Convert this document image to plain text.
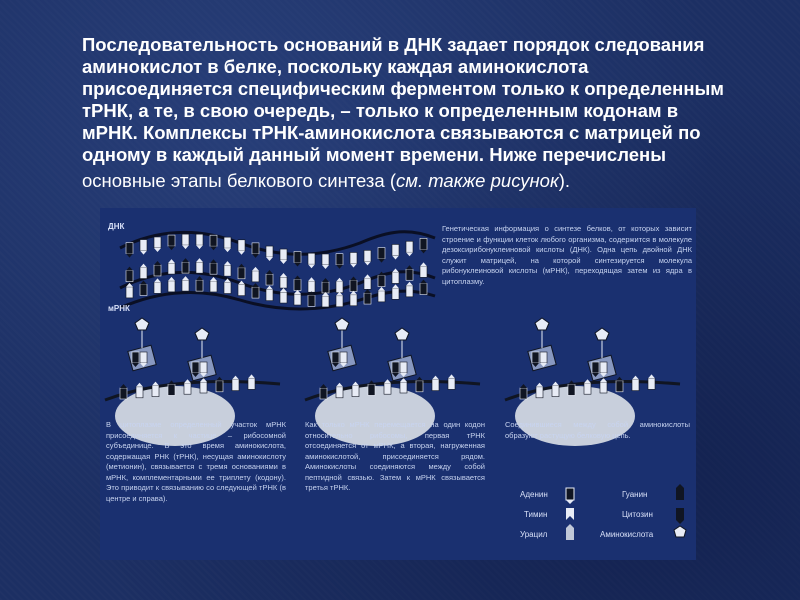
Последовательность оснований в ДНК задает порядок следования
аминокислот в белке, поскольку каждая аминокислота
присоединяется специфическим ферментом только к определенным
тРНК, а те, в свою очередь, – только к определенным кодонам в
мРНК. Комплексы тРНК-аминокислота связываются с матрицей по
одному в каждый данный момент времени. Ниже перечислены
основные этапы белкового синтеза (см. также рисунок).
ДНК
мРНК
Генетическая информация о синтезе белков, от которых зависит строение и функции клеток любого организма, содержится в молекуле дезоксирибонуклеиновой кислоты (ДНК). Одна цепь двойной ДНК служит матрицей, на которой синтезируется молекула рибонуклеиновой кислоты (мРНК), переходящая затем из ядра в цитоплазму.
В цитоплазме определенный участок мРНК присоединяется к частице – рибосомной субъединице. В это время аминокислота, содержащая РНК (тРНК), несущая аминокислоту (метионин), связывается с тремя основаниями в мРНК, комплементарными ее триплету (кодону). Это приводит к связыванию со следующей тРНК (в центре и справа).
Как только мРНК перемещается на один кодон относительно рибосомы, первая тРНК отсоединяется от мРНК, а вторая, нагруженная аминокислотой, присоединяется рядом. Аминокислоты соединяются между собой пептидной связью. Затем к мРНК связывается третья тРНК.
Соединившиеся между собой аминокислоты образуют растущую белковую цепь.
Аденин
Тимин
Урацил
Гуанин
Цитозин
Аминокислота
